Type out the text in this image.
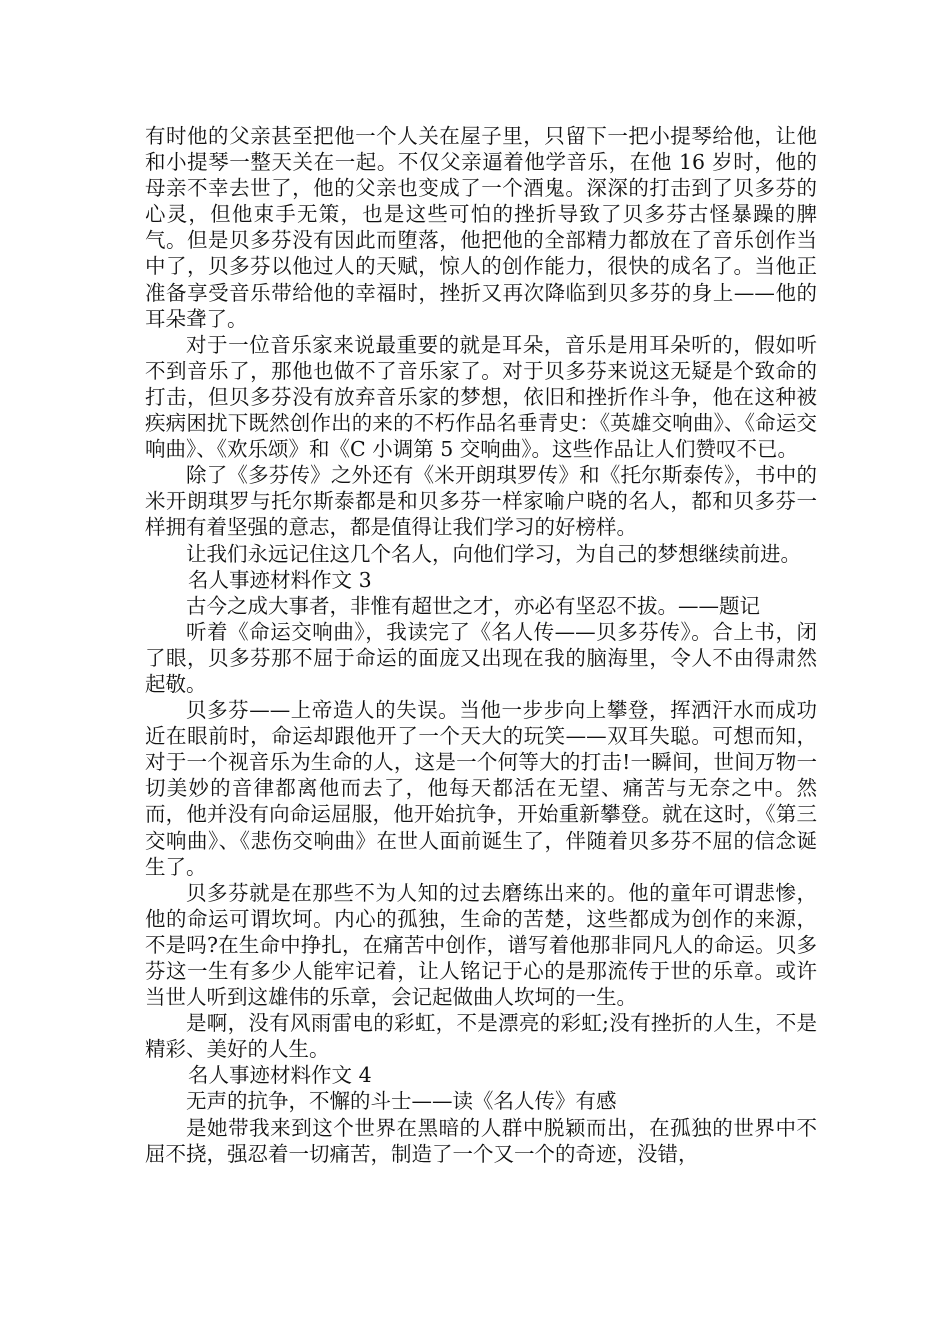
有时他的父亲甚至把他一个人关在屋子里，只留下一把小提琴给他，让他和小提琴一整天关在一起。不仅父亲逼着他学音乐，在他 16 岁时，他的母亲不幸去世了，他的父亲也变成了一个酒鬼。深深的打击到了贝多芬的心灵，但他束手无策，也是这些可怕的挫折导致了贝多芬古怪暴躁的脾气。但是贝多芬没有因此而堕落，他把他的全部精力都放在了音乐创作当中了，贝多芬以他过人的天赋，惊人的创作能力，很快的成名了。当他正准备享受音乐带给他的幸福时，挫折又再次降临到贝多芬的身上——他的耳朵聋了。

对于一位音乐家来说最重要的就是耳朵，音乐是用耳朵听的，假如听不到音乐了，那他也做不了音乐家了。对于贝多芬来说这无疑是个致命的打击，但贝多芬没有放弃音乐家的梦想，依旧和挫折作斗争，他在这种被疾病困扰下既然创作出的来的不朽作品名垂青史：《英雄交响曲》、《命运交响曲》、《欢乐颂》和《C 小调第 5 交响曲》。这些作品让人们赞叹不已。

除了《多芬传》之外还有《米开朗琪罗传》和《托尔斯泰传》，书中的米开朗琪罗与托尔斯泰都是和贝多芬一样家喻户晓的名人，都和贝多芬一样拥有着坚强的意志，都是值得让我们学习的好榜样。

让我们永远记住这几个名人，向他们学习，为自己的梦想继续前进。

名人事迹材料作文 3

古今之成大事者，非惟有超世之才，亦必有坚忍不拔。——题记

听着《命运交响曲》，我读完了《名人传——贝多芬传》。合上书，闭了眼，贝多芬那不屈于命运的面庞又出现在我的脑海里，令人不由得肃然起敬。

贝多芬——上帝造人的失误。当他一步步向上攀登，挥洒汗水而成功近在眼前时，命运却跟他开了一个天大的玩笑——双耳失聪。可想而知，对于一个视音乐为生命的人，这是一个何等大的打击!一瞬间，世间万物一切美妙的音律都离他而去了，他每天都活在无望、痛苦与无奈之中。然而，他并没有向命运屈服，他开始抗争，开始重新攀登。就在这时，《第三交响曲》、《悲伤交响曲》在世人面前诞生了，伴随着贝多芬不屈的信念诞生了。

贝多芬就是在那些不为人知的过去磨练出来的。他的童年可谓悲惨，他的命运可谓坎坷。内心的孤独，生命的苦楚，这些都成为创作的来源，不是吗?在生命中挣扎，在痛苦中创作，谱写着他那非同凡人的命运。贝多芬这一生有多少人能牢记着，让人铭记于心的是那流传于世的乐章。或许当世人听到这雄伟的乐章，会记起做曲人坎坷的一生。

是啊，没有风雨雷电的彩虹，不是漂亮的彩虹;没有挫折的人生，不是精彩、美好的人生。

名人事迹材料作文 4

无声的抗争，不懈的斗士——读《名人传》有感

是她带我来到这个世界在黑暗的人群中脱颖而出，在孤独的世界中不屈不挠，强忍着一切痛苦，制造了一个又一个的奇迹，没错，
